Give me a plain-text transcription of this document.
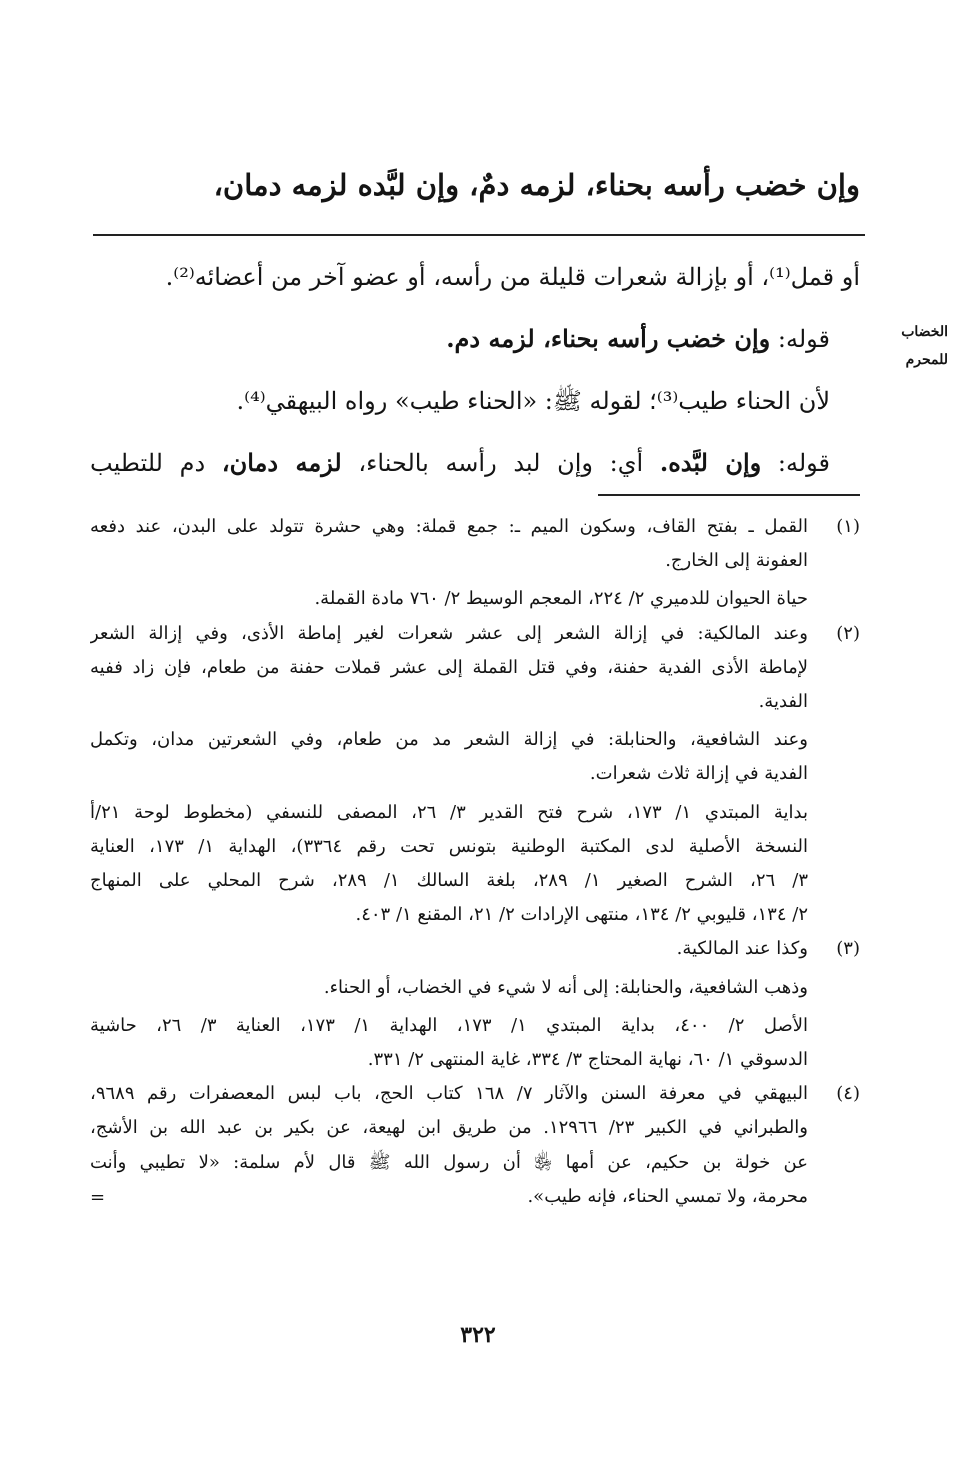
وإن خضب رأسه بحناء، لزمه دمٌ، وإن لبَّده لزمه دمان،
الخضاب
للمحرم
أو قمل⁽¹⁾، أو بإزالة شعرات قليلة من رأسه، أو عضو آخر من أعضائه⁽²⁾.
قوله: وإن خضب رأسه بحناء، لزمه دم.
لأن الحناء طيب⁽³⁾؛ لقوله ﷺ: «الحناء طيب» رواه البيهقي⁽⁴⁾.
قوله: وإن لبَّده. أي: وإن لبد رأسه بالحناء، لزمه دمان، دم للتطيب
(١)
القمل ـ بفتح القاف، وسكون الميم ـ: جمع قملة: وهي حشرة تتولد على البدن، عند دفعه
العفونة إلى الخارج.
حياة الحيوان للدميري ٢/ ٢٢٤، المعجم الوسيط ٢/ ٧٦٠ مادة القملة.
(٢)
وعند المالكية: في إزالة الشعر إلى عشر شعرات لغير إماطة الأذى، وفي إزالة الشعر
لإماطة الأذى الفدية حفنة، وفي قتل القملة إلى عشر قملات حفنة من طعام، فإن زاد ففيه
الفدية.
وعند الشافعية، والحنابلة: في إزالة الشعر مد من طعام، وفي الشعرتين مدان، وتكمل
الفدية في إزالة ثلاث شعرات.
بداية المبتدي ١/ ١٧٣، شرح فتح القدير ٣/ ٢٦، المصفى للنسفي (مخطوط لوحة ٢١/أ
النسخة الأصلية لدى المكتبة الوطنية بتونس تحت رقم ٣٣٦٤)، الهداية ١/ ١٧٣، العناية
٣/ ٢٦، الشرح الصغير ١/ ٢٨٩، بلغة السالك ١/ ٢٨٩، شرح المحلي على المنهاج
٢/ ١٣٤، قليوبي ٢/ ١٣٤، منتهى الإرادات ٢/ ٢١، المقنع ١/ ٤٠٣.
(٣)
وكذا عند المالكية.
وذهب الشافعية، والحنابلة: إلى أنه لا شيء في الخضاب، أو الحناء.
الأصل ٢/ ٤٠٠، بداية المبتدي ١/ ١٧٣، الهداية ١/ ١٧٣، العناية ٣/ ٢٦، حاشية
الدسوقي ١/ ٦٠، نهاية المحتاج ٣/ ٣٣٤، غاية المنتهى ٢/ ٣٣١.
(٤)
البيهقي في معرفة السنن والآثار ٧/ ١٦٨ كتاب الحج، باب لبس المعصفرات رقم ٩٦٨٩،
والطبراني في الكبير ٢٣/ ١٢٩٦٦. من طريق ابن لهيعة، عن بكير بن عبد الله بن الأشج،
عن خولة بن حكيم، عن أمها ﵂ أن رسول الله ﷺ قال لأم سلمة: «لا تطيبي وأنت
محرمة، ولا تمسي الحناء، فإنه طيب».
=
٣٢٢
